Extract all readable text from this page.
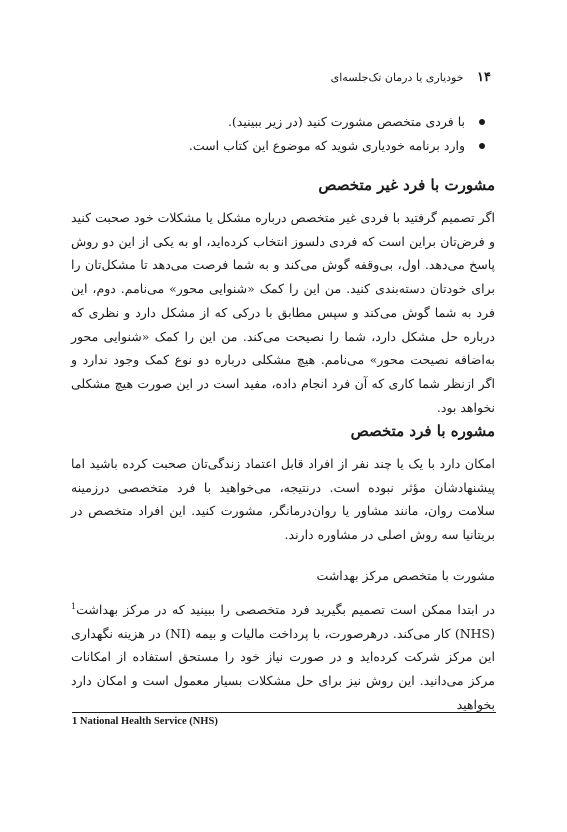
۱۴ خودیاری یا درمان تک‌جلسه‌ای
با فردی متخصص مشورت کنید (در زیر ببینید).
وارد برنامه خودیاری شوید که موضوع این کتاب است.
مشورت با فرد غیر متخصص

اگر تصمیم گرفتید با فردی غیر متخصص درباره مشکل یا مشکلات خود صحبت کنید و فرض‌تان براین است که فردی دلسوز انتخاب کرده‌اید، او به یکی از این دو روش پاسخ می‌دهد. اول، بی‌وقفه گوش می‌کند و به شما فرصت می‌دهد تا مشکل‌تان را برای خودتان دسته‌بندی کنید. من این را کمک «شنوایی محور» می‌نامم. دوم، این فرد به شما گوش می‌کند و سپس مطابق با درکی که از مشکل دارد و نظری که درباره حل مشکل دارد، شما را نصیحت می‌کند. من این را کمک «شنوایی محور به‌اضافه نصیحت محور» می‌نامم. هیچ مشکلی درباره دو نوع کمک وجود ندارد و اگر ازنظر شما کاری که آن فرد انجام داده، مفید است در این صورت هیچ مشکلی نخواهد بود.

مشوره با فرد متخصص

امکان دارد با یک یا چند نفر از افراد قابل اعتماد زندگی‌تان صحبت کرده باشید اما پیشنهادشان مؤثر نبوده است. درنتیجه، می‌خواهید با فرد متخصصی درزمینه سلامت روان، مانند مشاور یا روان‌درمانگر، مشورت کنید. این افراد متخصص در بریتانیا سه روش اصلی در مشاوره دارند.

مشورت با متخصص مرکز بهداشت

در ابتدا ممکن است تصمیم بگیرید فرد متخصصی را ببینید که در مرکز بهداشت$^1$ (NHS) کار می‌کند. درهرصورت، با پرداخت مالیات و بیمه (NI) در هزینه نگهداری این مرکز شرکت کرده‌اید و در صورت نیاز خود را مستحق استفاده از امکانات مرکز می‌دانید. این روش نیز برای حل مشکلات بسیار معمول است و امکان دارد بخواهید

1 National Health Service (NHS)
